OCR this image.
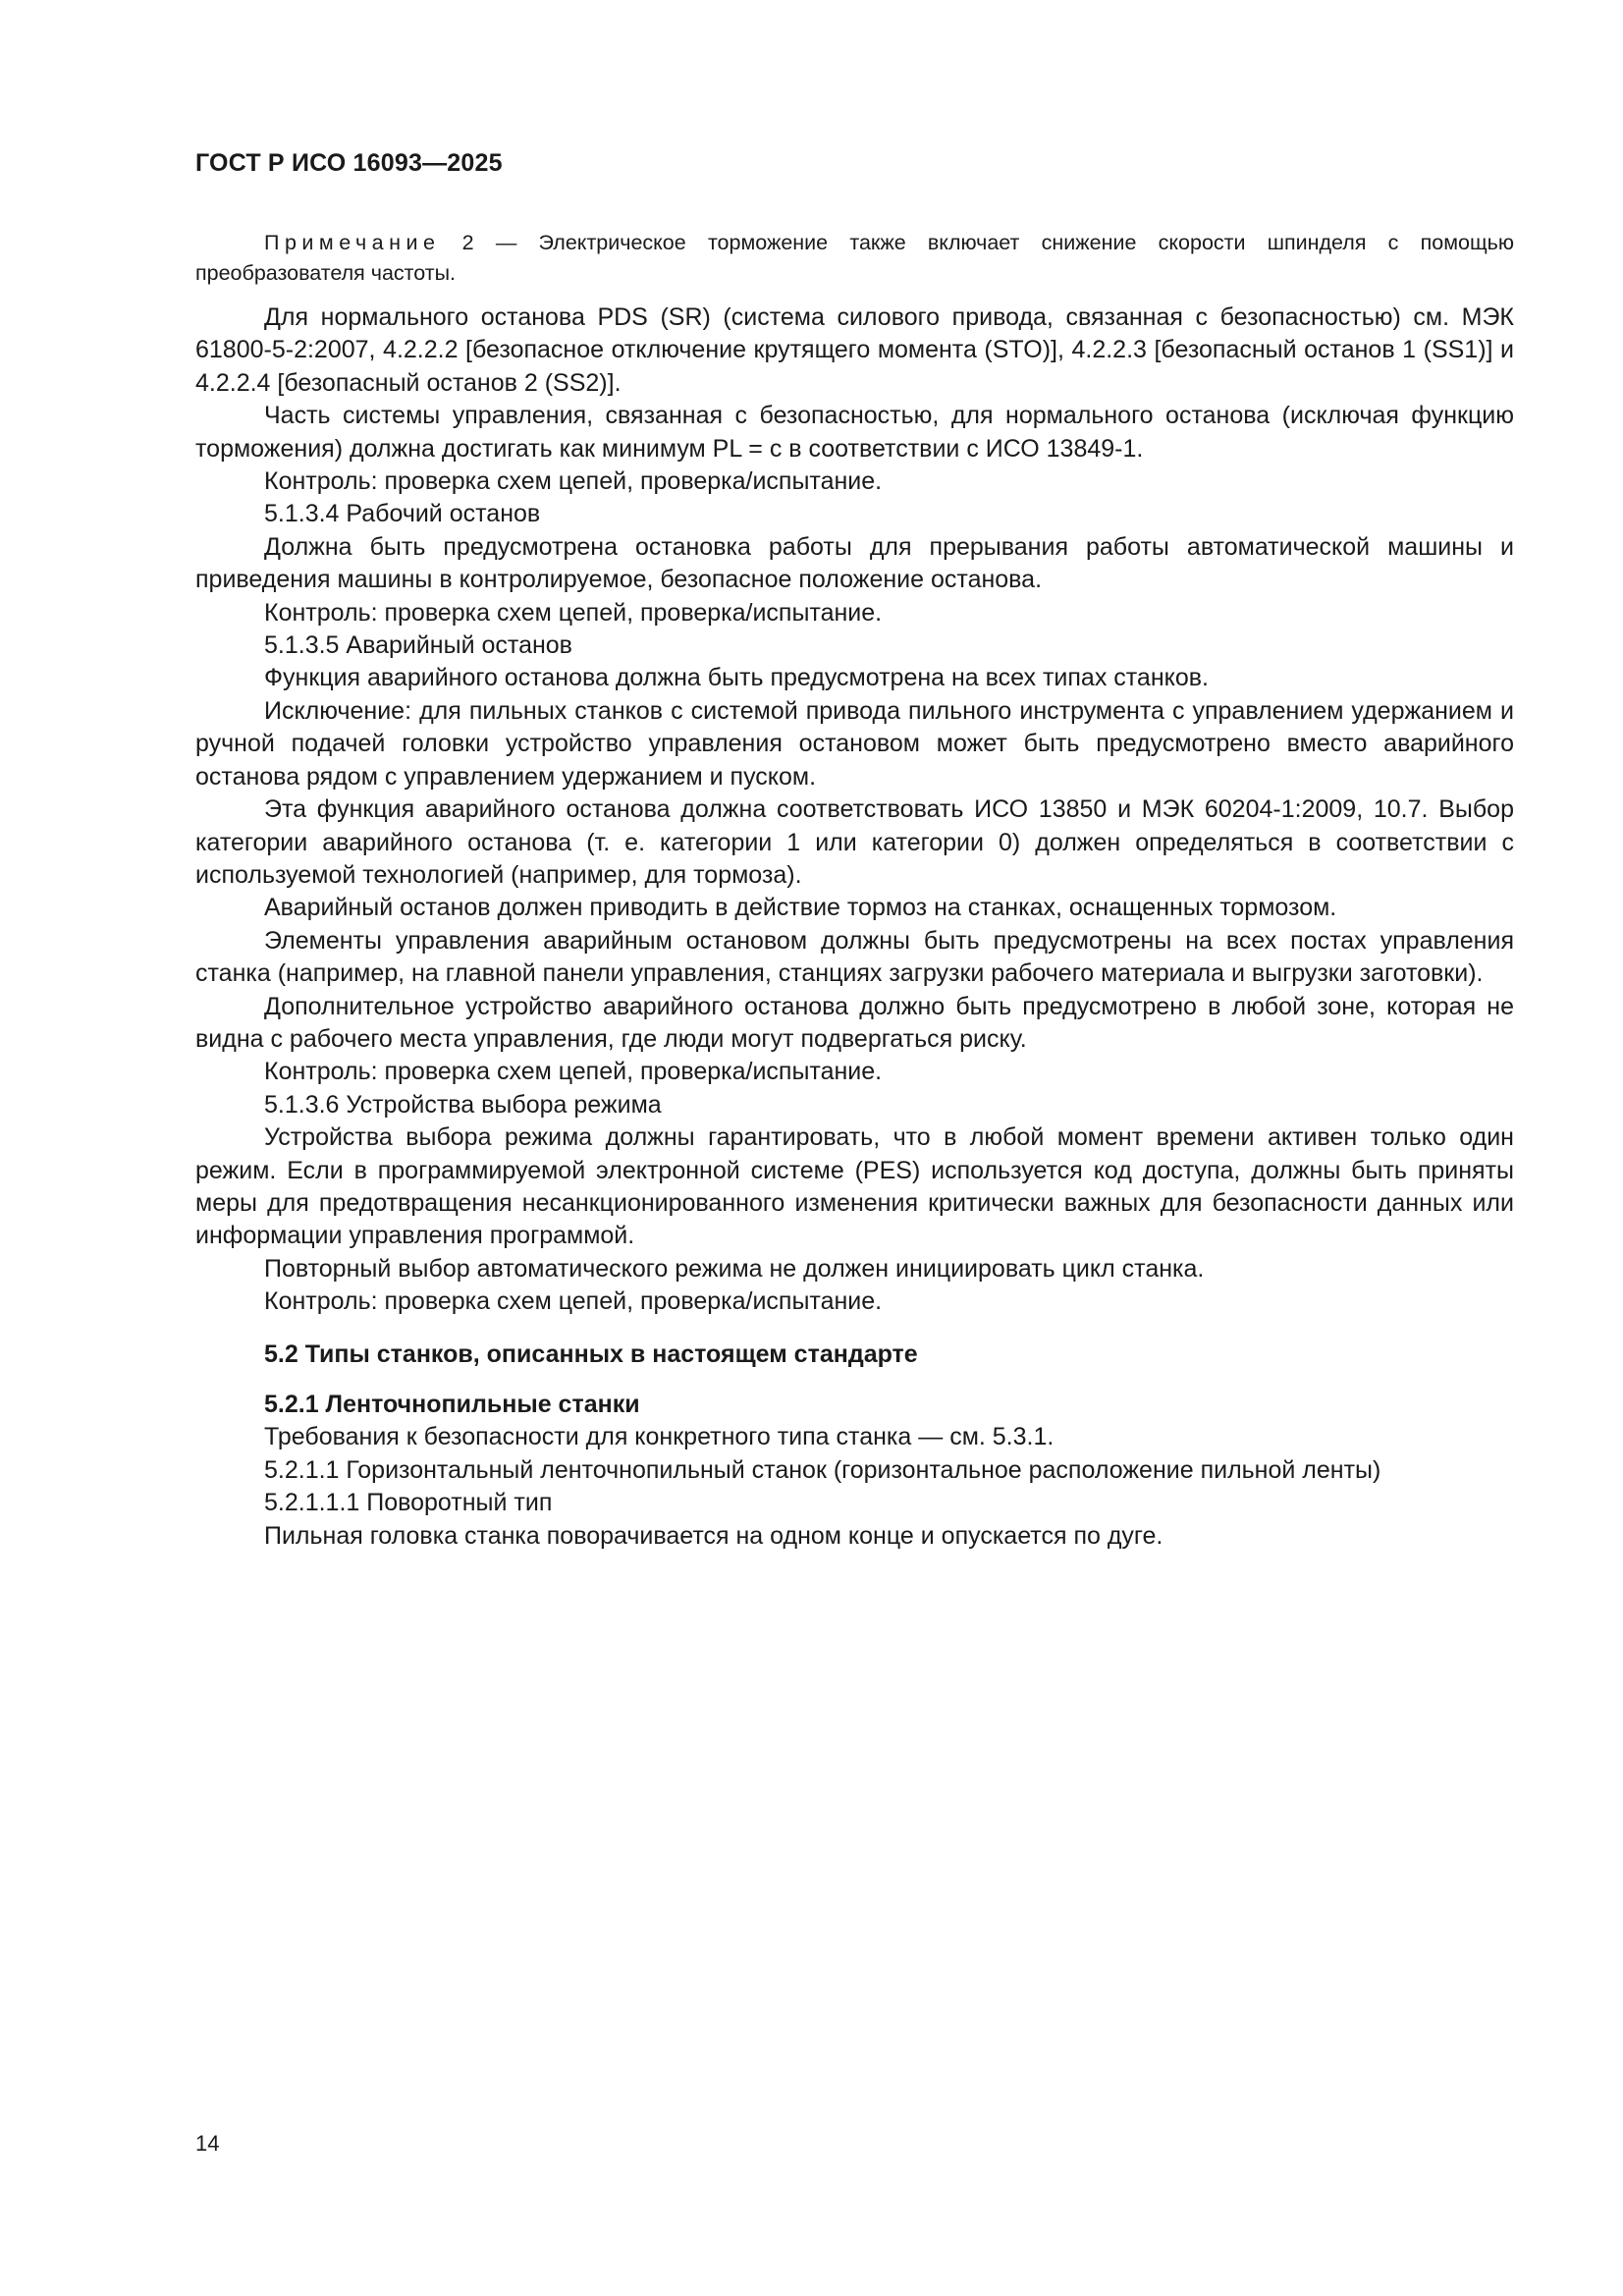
ГОСТ Р ИСО 16093—2025

Примечание 2 — Электрическое торможение также включает снижение скорости шпинделя с помощью преобразователя частоты.

Для нормального останова PDS (SR) (система силового привода, связанная с безопасностью) см. МЭК 61800-5-2:2007, 4.2.2.2 [безопасное отключение крутящего момента (STO)], 4.2.2.3 [безопасный останов 1 (SS1)] и 4.2.2.4 [безопасный останов 2 (SS2)].

Часть системы управления, связанная с безопасностью, для нормального останова (исключая функцию торможения) должна достигать как минимум PL = c в соответствии с ИСО 13849-1.

Контроль: проверка схем цепей, проверка/испытание.

5.1.3.4 Рабочий останов

Должна быть предусмотрена остановка работы для прерывания работы автоматической машины и приведения машины в контролируемое, безопасное положение останова.

Контроль: проверка схем цепей, проверка/испытание.

5.1.3.5 Аварийный останов

Функция аварийного останова должна быть предусмотрена на всех типах станков.

Исключение: для пильных станков с системой привода пильного инструмента с управлением удержанием и ручной подачей головки устройство управления остановом может быть предусмотрено вместо аварийного останова рядом с управлением удержанием и пуском.

Эта функция аварийного останова должна соответствовать ИСО 13850 и МЭК 60204-1:2009, 10.7. Выбор категории аварийного останова (т. е. категории 1 или категории 0) должен определяться в соответствии с используемой технологией (например, для тормоза).

Аварийный останов должен приводить в действие тормоз на станках, оснащенных тормозом.

Элементы управления аварийным остановом должны быть предусмотрены на всех постах управления станка (например, на главной панели управления, станциях загрузки рабочего материала и выгрузки заготовки).

Дополнительное устройство аварийного останова должно быть предусмотрено в любой зоне, которая не видна с рабочего места управления, где люди могут подвергаться риску.

Контроль: проверка схем цепей, проверка/испытание.

5.1.3.6 Устройства выбора режима

Устройства выбора режима должны гарантировать, что в любой момент времени активен только один режим. Если в программируемой электронной системе (PES) используется код доступа, должны быть приняты меры для предотвращения несанкционированного изменения критически важных для безопасности данных или информации управления программой.

Повторный выбор автоматического режима не должен инициировать цикл станка.

Контроль: проверка схем цепей, проверка/испытание.

5.2 Типы станков, описанных в настоящем стандарте

5.2.1 Ленточнопильные станки

Требования к безопасности для конкретного типа станка — см. 5.3.1.

5.2.1.1 Горизонтальный ленточнопильный станок (горизонтальное расположение пильной ленты)

5.2.1.1.1 Поворотный тип

Пильная головка станка поворачивается на одном конце и опускается по дуге.

14
